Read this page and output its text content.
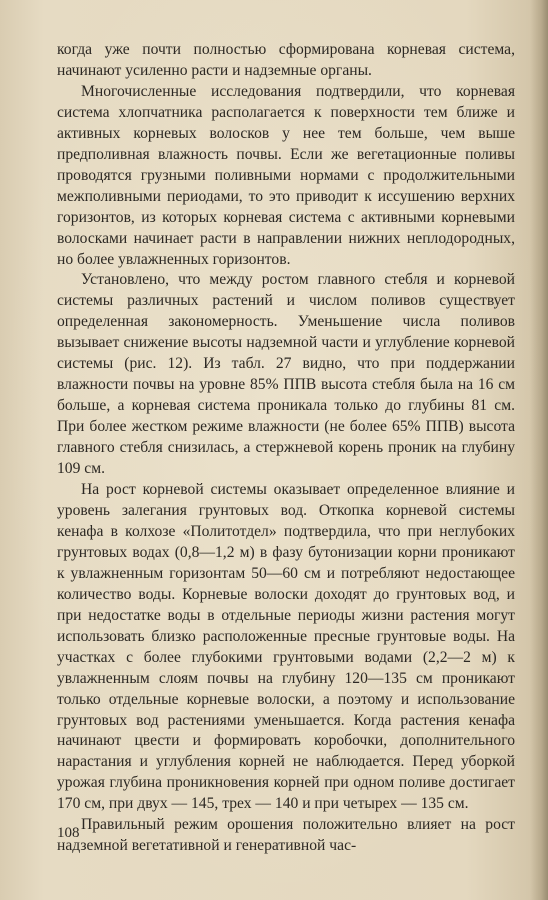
когда уже почти полностью сформирована корневая система, начинают усиленно расти и надземные органы.

Многочисленные исследования подтвердили, что корневая система хлопчатника располагается к поверхности тем ближе и активных корневых волосков у нее тем больше, чем выше предполивная влажность почвы. Если же вегетационные поливы проводятся грузными поливными нормами с продолжительными межполивными периодами, то это приводит к иссушению верхних горизонтов, из которых корневая система с активными корневыми волосками начинает расти в направлении нижних неплодородных, но более увлажненных горизонтов.

Установлено, что между ростом главного стебля и корневой системы различных растений и числом поливов существует определенная закономерность. Уменьшение числа поливов вызывает снижение высоты надземной части и углубление корневой системы (рис. 12). Из табл. 27 видно, что при поддержании влажности почвы на уровне 85% ППВ высота стебля была на 16 см больше, а корневая система проникала только до глубины 81 см. При более жестком режиме влажности (не более 65% ППВ) высота главного стебля снизилась, а стержневой корень проник на глубину 109 см.

На рост корневой системы оказывает определенное влияние и уровень залегания грунтовых вод. Откопка корневой системы кенафа в колхозе «Политотдел» подтвердила, что при неглубоких грунтовых водах (0,8—1,2 м) в фазу бутонизации корни проникают к увлажненным горизонтам 50—60 см и потребляют недостающее количество воды. Корневые волоски доходят до грунтовых вод, и при недостатке воды в отдельные периоды жизни растения могут использовать близко расположенные пресные грунтовые воды. На участках с более глубокими грунтовыми водами (2,2—2 м) к увлажненным слоям почвы на глубину 120—135 см проникают только отдельные корневые волоски, а поэтому и использование грунтовых вод растениями уменьшается. Когда растения кенафа начинают цвести и формировать коробочки, дополнительного нарастания и углубления корней не наблюдается. Перед уборкой урожая глубина проникновения корней при одном поливе достигает 170 см, при двух — 145, трех — 140 и при четырех — 135 см.

Правильный режим орошения положительно влияет на рост надземной вегетативной и генеративной час-

108
